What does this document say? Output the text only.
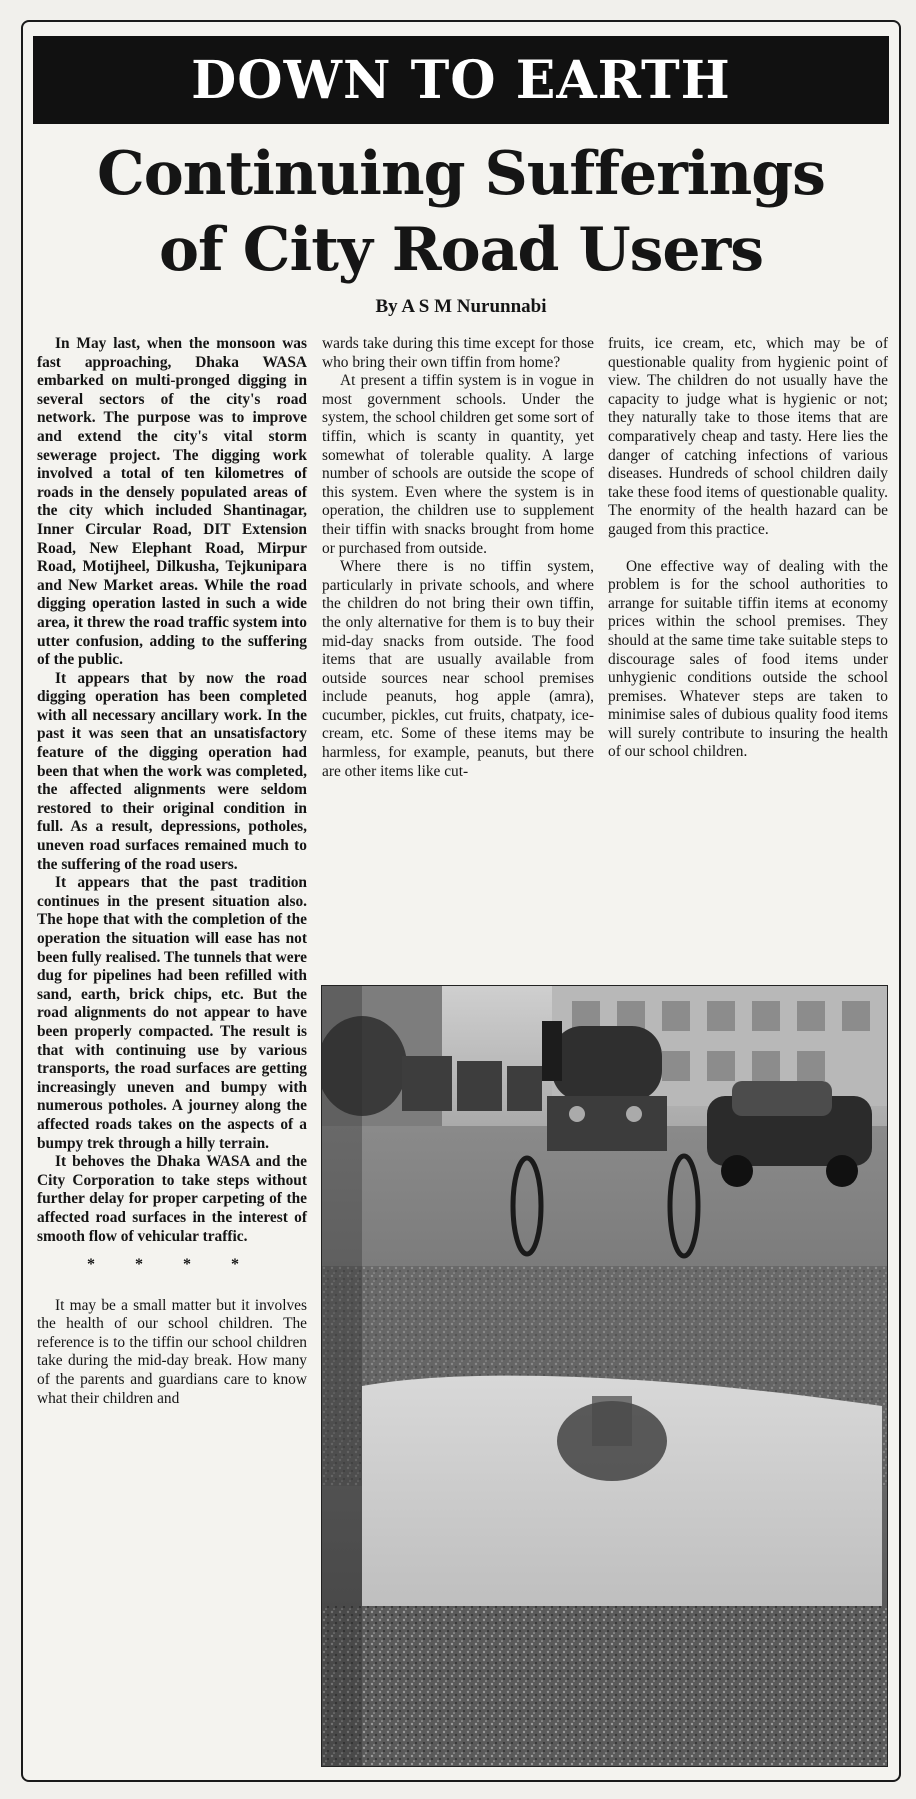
DOWN TO EARTH
Continuing Sufferings
of City Road Users
By A S M Nurunnabi

In May last, when the monsoon was fast approaching, Dhaka WASA embarked on multi-pronged digging in several sectors of the city's road network. The purpose was to improve and extend the city's vital storm sewerage project. The digging work involved a total of ten kilometres of roads in the densely populated areas of the city which included Shantinagar, Inner Circular Road, DIT Extension Road, New Elephant Road, Mirpur Road, Motijheel, Dilkusha, Tejkunipara and New Market areas. While the road digging operation lasted in such a wide area, it threw the road traffic system into utter confusion, adding to the suffering of the public.

It appears that by now the road digging operation has been completed with all necessary ancillary work. In the past it was seen that an unsatisfactory feature of the digging operation had been that when the work was completed, the affected alignments were seldom restored to their original condition in full. As a result, depressions, potholes, uneven road surfaces remained much to the suffering of the road users.

It appears that the past tradition continues in the present situation also. The hope that with the completion of the operation the situation will ease has not been fully realised. The tunnels that were dug for pipelines had been refilled with sand, earth, brick chips, etc. But the road alignments do not appear to have been properly compacted. The result is that with continuing use by various transports, the road surfaces are getting increasingly uneven and bumpy with numerous potholes. A journey along the affected roads takes on the aspects of a bumpy trek through a hilly terrain.

It behoves the Dhaka WASA and the City Corporation to take steps without further delay for proper carpeting of the affected road surfaces in the interest of smooth flow of vehicular traffic.

* * * *

It may be a small matter but it involves the health of our school children. The reference is to the tiffin our school children take during the mid-day break. How many of the parents and guardians care to know what their children and

wards take during this time except for those who bring their own tiffin from home?

At present a tiffin system is in vogue in most government schools. Under the system, the school children get some sort of tiffin, which is scanty in quantity, yet somewhat of tolerable quality. A large number of schools are outside the scope of this system. Even where the system is in operation, the children use to supplement their tiffin with snacks brought from home or purchased from outside.

Where there is no tiffin system, particularly in private schools, and where the children do not bring their own tiffin, the only alternative for them is to buy their mid-day snacks from outside. The food items that are usually available from outside sources near school premises include peanuts, hog apple (amra), cucumber, pickles, cut fruits, chatpaty, ice-cream, etc. Some of these items may be harmless, for example, peanuts, but there are other items like cut-

fruits, ice cream, etc, which may be of questionable quality from hygienic point of view. The children do not usually have the capacity to judge what is hygienic or not; they naturally take to those items that are comparatively cheap and tasty. Here lies the danger of catching infections of various diseases. Hundreds of school children daily take these food items of questionable quality. The enormity of the health hazard can be gauged from this practice.

One effective way of dealing with the problem is for the school authorities to arrange for suitable tiffin items at economy prices within the school premises. They should at the same time take suitable steps to discourage sales of food items under unhygienic conditions outside the school premises. Whatever steps are taken to minimise sales of dubious quality food items will surely contribute to insuring the health of our school children.
